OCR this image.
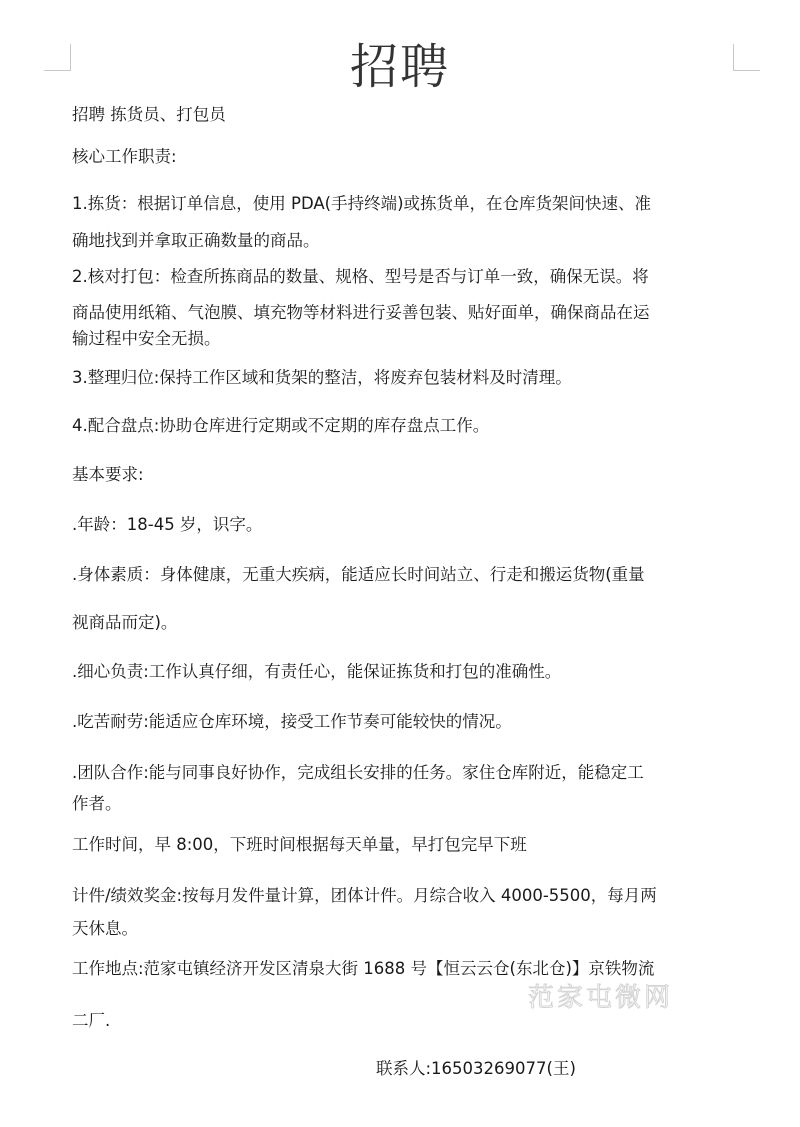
招聘
招聘 拣货员、打包员
核心工作职责:
1.拣货：根据订单信息，使用 PDA(手持终端)或拣货单，在仓库货架间快速、准
确地找到并拿取正确数量的商品。
2.核对打包：检查所拣商品的数量、规格、型号是否与订单一致，确保无误。将
商品使用纸箱、气泡膜、填充物等材料进行妥善包装、贴好面单，确保商品在运
输过程中安全无损。
3.整理归位:保持工作区域和货架的整洁，将废弃包装材料及时清理。
4.配合盘点:协助仓库进行定期或不定期的库存盘点工作。
基本要求:
.年龄：18-45 岁，识字。
.身体素质：身体健康，无重大疾病，能适应长时间站立、行走和搬运货物(重量
视商品而定)。
.细心负责:工作认真仔细，有责任心，能保证拣货和打包的准确性。
.吃苦耐劳:能适应仓库环境，接受工作节奏可能较快的情况。
.团队合作:能与同事良好协作，完成组长安排的任务。家住仓库附近，能稳定工
作者。
工作时间，早 8:00，下班时间根据每天单量，早打包完早下班
计件/绩效奖金:按每月发件量计算，团体计件。月综合收入 4000-5500，每月两
天休息。
工作地点:范家屯镇经济开发区清泉大街 1688 号【恒云云仓(东北仓)】京铁物流
二厂.
范家屯微网
联系人:16503269077(王)
